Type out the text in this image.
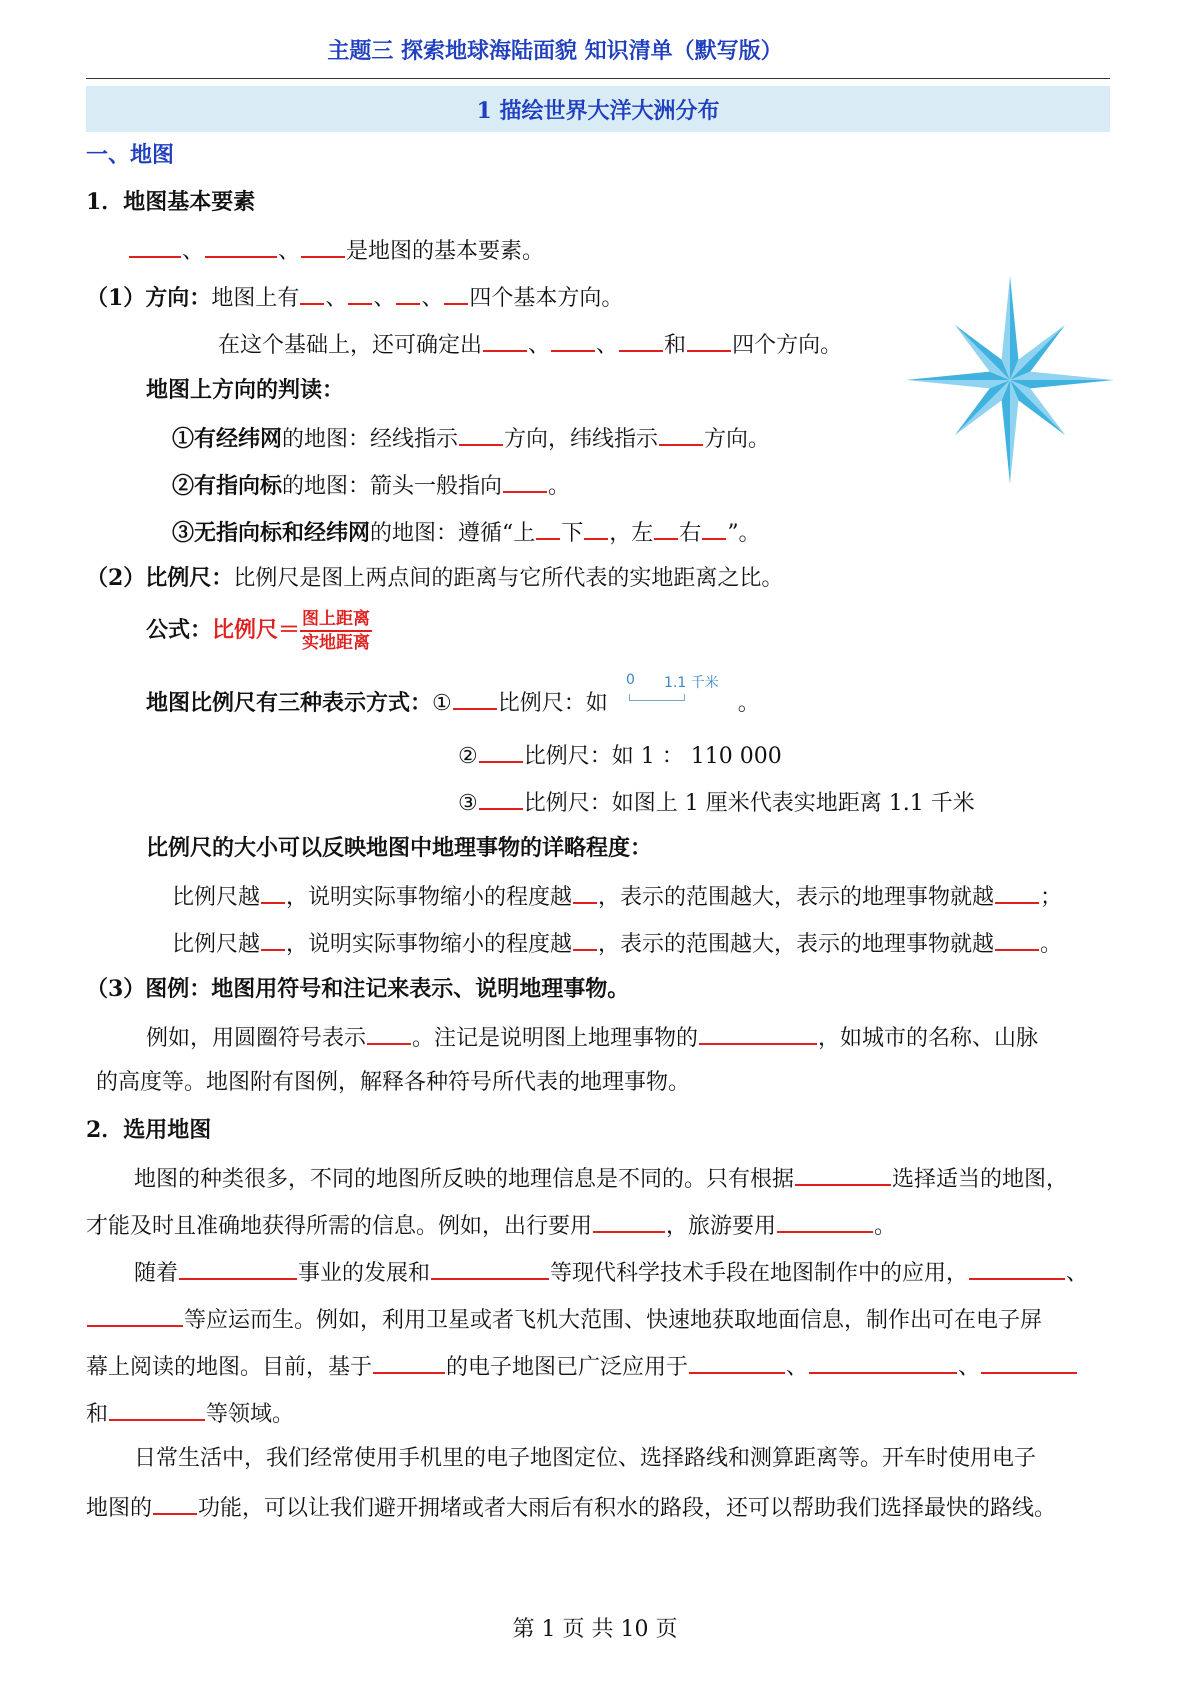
主题三 探索地球海陆面貌 知识清单（默写版）
1 描绘世界大洋大洲分布
一、地图
1．地图基本要素
、	、 是地图的基本要素。
（1）方向：地图上有 、 、 、 四个基本方向。
在这个基础上，还可确定出 、 、 和 四个方向。
地图上方向的判读：
①有经纬网的地图：经线指示 方向，纬线指示 方向。
②有指向标的地图：箭头一般指向 。
③无指向标和经纬网的地图：遵循“上 下 ，左 右 ”。
（2）比例尺：比例尺是图上两点间的距离与它所代表的实地距离之比。
公式：比例尺＝ $\frac{\text{图上距离}}{\text{实地距离}}$
地图比例尺有三种表示方式：① 比例尺：如	。
0 1.1 千米
② 比例尺：如 1 ： 110 000
③ 比例尺：如图上 1 厘米代表实地距离 1.1 千米
比例尺的大小可以反映地图中地理事物的详略程度：
比例尺越 ，说明实际事物缩小的程度越 ，表示的范围越大，表示的地理事物就越 ；
比例尺越 ，说明实际事物缩小的程度越 ，表示的范围越大，表示的地理事物就越 。
（3）图例：地图用符号和注记来表示、说明地理事物。
例如，用圆圈符号表示 。注记是说明图上地理事物的	，如城市的名称、山脉
的高度等。地图附有图例，解释各种符号所代表的地理事物。
2．选用地图
地图的种类很多，不同的地图所反映的地理信息是不同的。只有根据	选择适当的地图，
才能及时且准确地获得所需的信息。例如，出行要用	，旅游要用	。
随着	事业的发展和	等现代科学技术手段在地图制作中的应用，	、
等应运而生。例如，利用卫星或者飞机大范围、快速地获取地面信息，制作出可在电子屏
幕上阅读的地图。目前，基于	的电子地图已广泛应用于	、	、
和	等领域。
日常生活中，我们经常使用手机里的电子地图定位、选择路线和测算距离等。开车时使用电子
地图的 功能，可以让我们避开拥堵或者大雨后有积水的路段，还可以帮助我们选择最快的路线。
第 1 页 共 10 页
